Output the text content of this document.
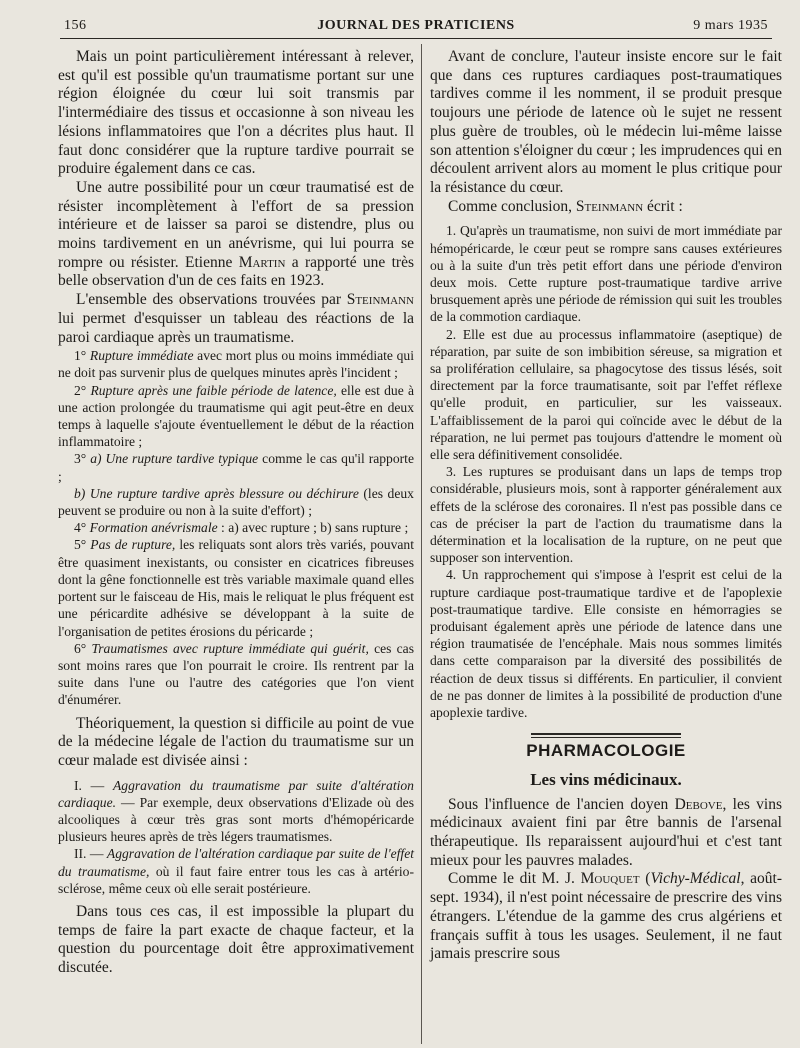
156	JOURNAL DES PRATICIENS	9 mars 1935

Mais un point particulièrement intéressant à relever, est qu'il est possible qu'un traumatisme portant sur une région éloignée du cœur lui soit transmis par l'intermédiaire des tissus et occasionne à son niveau les lésions inflammatoires que l'on a décrites plus haut. Il faut donc considérer que la rupture tardive pourrait se produire également dans ce cas.

Une autre possibilité pour un cœur traumatisé est de résister incomplètement à l'effort de sa pression intérieure et de laisser sa paroi se distendre, plus ou moins tardivement en un anévrisme, qui lui pourra se rompre ou résister. Etienne Martin a rapporté une très belle observation d'un de ces faits en 1923.

L'ensemble des observations trouvées par Steinmann lui permet d'esquisser un tableau des réactions de la paroi cardiaque après un traumatisme.

1° Rupture immédiate avec mort plus ou moins immédiate qui ne doit pas survenir plus de quelques minutes après l'incident ;

2° Rupture après une faible période de latence, elle est due à une action prolongée du traumatisme qui agit peut-être en deux temps à laquelle s'ajoute éventuellement le début de la réaction inflammatoire ;

3° a) Une rupture tardive typique comme le cas qu'il rapporte ;

b) Une rupture tardive après blessure ou déchirure (les deux peuvent se produire ou non à la suite d'effort) ;

4° Formation anévrismale : a) avec rupture ; b) sans rupture ;

5° Pas de rupture, les reliquats sont alors très variés, pouvant être quasiment inexistants, ou consister en cicatrices fibreuses dont la gêne fonctionnelle est très variable maximale quand elles portent sur le faisceau de His, mais le reliquat le plus fréquent est une péricardite adhésive se développant à la suite de l'organisation de petites érosions du péricarde ;

6° Traumatismes avec rupture immédiate qui guérit, ces cas sont moins rares que l'on pourrait le croire. Ils rentrent par la suite dans l'une ou l'autre des catégories que l'on vient d'énumérer.

Théoriquement, la question si difficile au point de vue de la médecine légale de l'action du traumatisme sur un cœur malade est divisée ainsi :

I. — Aggravation du traumatisme par suite d'altération cardiaque. — Par exemple, deux observations d'Elizade où des alcooliques à cœur très gras sont morts d'hémopéricarde plusieurs heures après de très légers traumatismes.

II. — Aggravation de l'altération cardiaque par suite de l'effet du traumatisme, où il faut faire entrer tous les cas à artério-sclérose, même ceux où elle serait postérieure.

Dans tous ces cas, il est impossible la plupart du temps de faire la part exacte de chaque facteur, et la question du pourcentage doit être approximativement discutée.

Avant de conclure, l'auteur insiste encore sur le fait que dans ces ruptures cardiaques post-traumatiques tardives comme il les nomment, il se produit presque toujours une période de latence où le sujet ne ressent plus guère de troubles, où le médecin lui-même laisse son attention s'éloigner du cœur ; les imprudences qui en découlent arrivent alors au moment le plus critique pour la résistance du cœur.

Comme conclusion, Steinmann écrit :

1. Qu'après un traumatisme, non suivi de mort immédiate par hémopéricarde, le cœur peut se rompre sans causes extérieures ou à la suite d'un très petit effort dans une période d'environ deux mois. Cette rupture post-traumatique tardive arrive brusquement après une période de rémission qui suit les troubles de la commotion cardiaque.

2. Elle est due au processus inflammatoire (aseptique) de réparation, par suite de son imbibition séreuse, sa migration et sa prolifération cellulaire, sa phagocytose des tissus lésés, soit directement par la force traumatisante, soit par l'effet réflexe qu'elle produit, en particulier, sur les vaisseaux. L'affaiblissement de la paroi qui coïncide avec le début de la réparation, ne lui permet pas toujours d'attendre le moment où elle sera définitivement consolidée.

3. Les ruptures se produisant dans un laps de temps trop considérable, plusieurs mois, sont à rapporter généralement aux effets de la sclérose des coronaires. Il n'est pas possible dans ce cas de préciser la part de l'action du traumatisme dans la détermination et la localisation de la rupture, on ne peut que supposer son intervention.

4. Un rapprochement qui s'impose à l'esprit est celui de la rupture cardiaque post-traumatique tardive et de l'apoplexie post-traumatique tardive. Elle consiste en hémorragies se produisant également après une période de latence dans une région traumatisée de l'encéphale. Mais nous sommes limités dans cette comparaison par la diversité des possibilités de réaction de deux tissus si différents. En particulier, il convient de ne pas donner de limites à la possibilité de production d'une apoplexie tardive.

PHARMACOLOGIE
Les vins médicinaux.

Sous l'influence de l'ancien doyen Debove, les vins médicinaux avaient fini par être bannis de l'arsenal thérapeutique. Ils reparaissent aujourd'hui et c'est tant mieux pour les pauvres malades.

Comme le dit M. J. Mouquet (Vichy-Médical, août-sept. 1934), il n'est point nécessaire de prescrire des vins étrangers. L'étendue de la gamme des crus algériens et français suffit à tous les usages. Seulement, il ne faut jamais prescrire sous
